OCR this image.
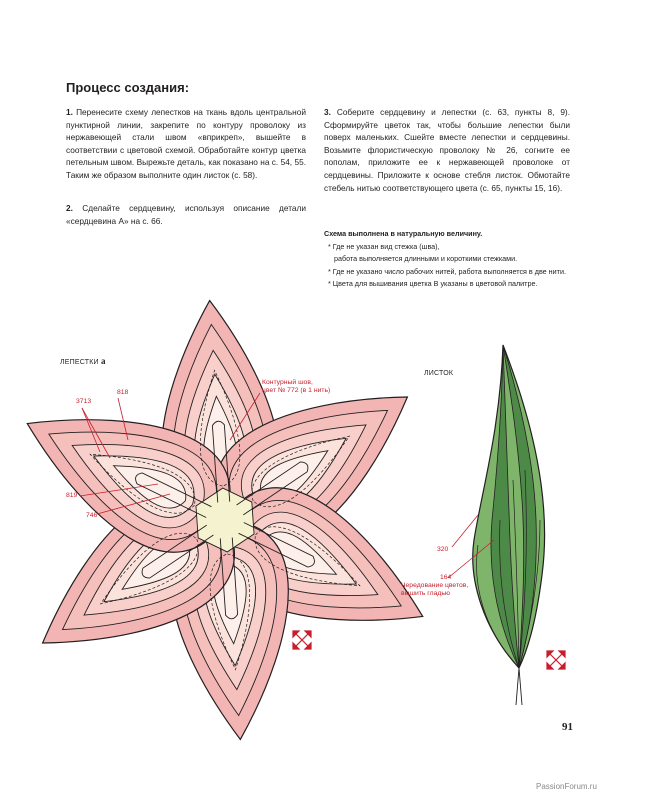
Процесс создания:
1. Перенесите схему лепестков на ткань вдоль центральной пунктирной линии, закрепите по контуру проволоку из нержавеющей стали швом «вприкреп», вышейте в соответствии с цветовой схемой. Обработайте контур цветка петельным швом. Вырежьте деталь, как показано на с. 54, 55. Таким же образом выполните один листок (с. 58).
2. Сделайте сердцевину, используя описание детали «сердцевина А» на с. 66.
3. Соберите сердцевину и лепестки (с. 63, пункты 8, 9). Сформируйте цветок так, чтобы большие лепестки были поверх маленьких. Сшейте вместе лепестки и сердцевины. Возьмите флористическую проволоку № 26, согните ее пополам, приложите ее к нержавеющей проволоке от сердцевины. Приложите к основе стебля листок. Обмотайте стебель нитью соответствующего цвета (с. 65, пункты 15, 16).
Схема выполнена в натуральную величину.
* Где не указан вид стежка (шва),
работа выполняется длинными и короткими стежками.
* Где не указано число рабочих нитей, работа выполняется в две нити.
* Цвета для вышивания цветка В указаны в цветовой палитре.
ЛЕПЕСТКИ a
3713
818
819
746
Контурный шов,
цвет № 772 (в 1 нить)
ЛИСТОК
320
164
Чередование цветов,
вышить гладью
91
PassionForum.ru
